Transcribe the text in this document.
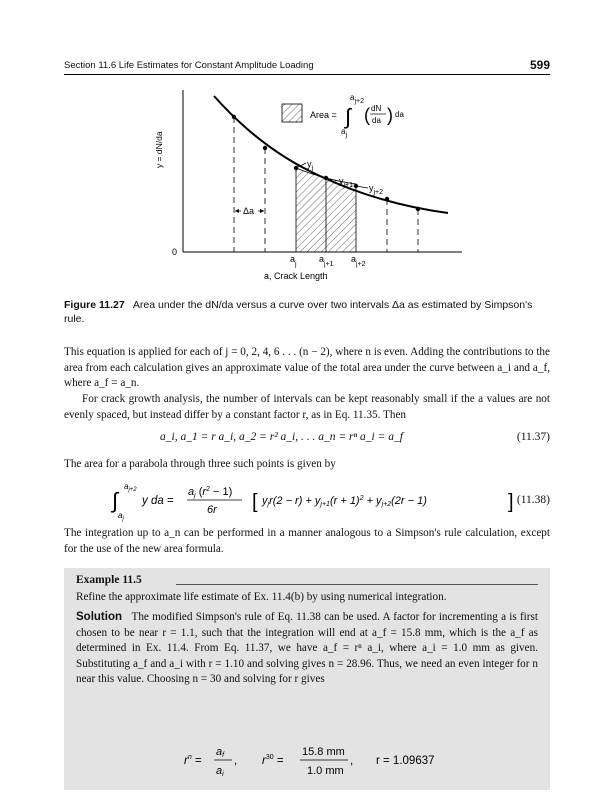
Section 11.6 Life Estimates for Constant Amplitude Loading	599
$y_j$
$y_{j+1}$ $y_{j+2}$
Δa
y = dN/da
0
$a_j$
$a_{j+1}$
$a_{j+2}$
a, Crack Length
Area = ∫
aj+2
aj
( dN
da ) da
Figure 11.27 Area under the dN/da versus a curve over two intervals Δa as estimated by Simpson's rule.
This equation is applied for each of j = 0, 2, 4, 6 . . . (n − 2), where n is even. Adding the contributions to the area from each calculation gives an approximate value of the total area under the curve between a_i and a_f, where a_f = a_n.
For crack growth analysis, the number of intervals can be kept reasonably small if the a values are not evenly spaced, but instead differ by a constant factor r, as in Eq. 11.35. Then
a_i, a_1 = r a_i, a_2 = r² a_i, . . . a_n = rⁿ a_i = a_f	(11.37)
The area for a parabola through three such points is given by
∫
$a_{j+2}$
$a_j$
y da =
aj $(r^2 - 1)$
6r [ $yjr(2 - r) + yj+1(r + 1)^2 + yj+2(2r - 1)$	] (11.38)
The integration up to a_n can be performed in a manner analogous to a Simpson's rule calculation, except for the use of the new area formula.
Example 11.5
Refine the approximate life estimate of Ex. 11.4(b) by using numerical integration.
Solution The modified Simpson's rule of Eq. 11.38 can be used. A factor for incrementing a is first chosen to be near r = 1.1, such that the integration will end at a_f = 15.8 mm, which is the a_f as determined in Ex. 11.4. From Eq. 11.37, we have a_f = rⁿ a_i, where a_i = 1.0 mm as given. Substituting a_f and a_i with r = 1.10 and solving gives n = 28.96. Thus, we need an even integer for n near this value. Choosing n = 30 and solving for r gives
$r^n$ =
af
ai
, $r^{30}$ =
15.8 mm
1.0 mm
, r = 1.09637
